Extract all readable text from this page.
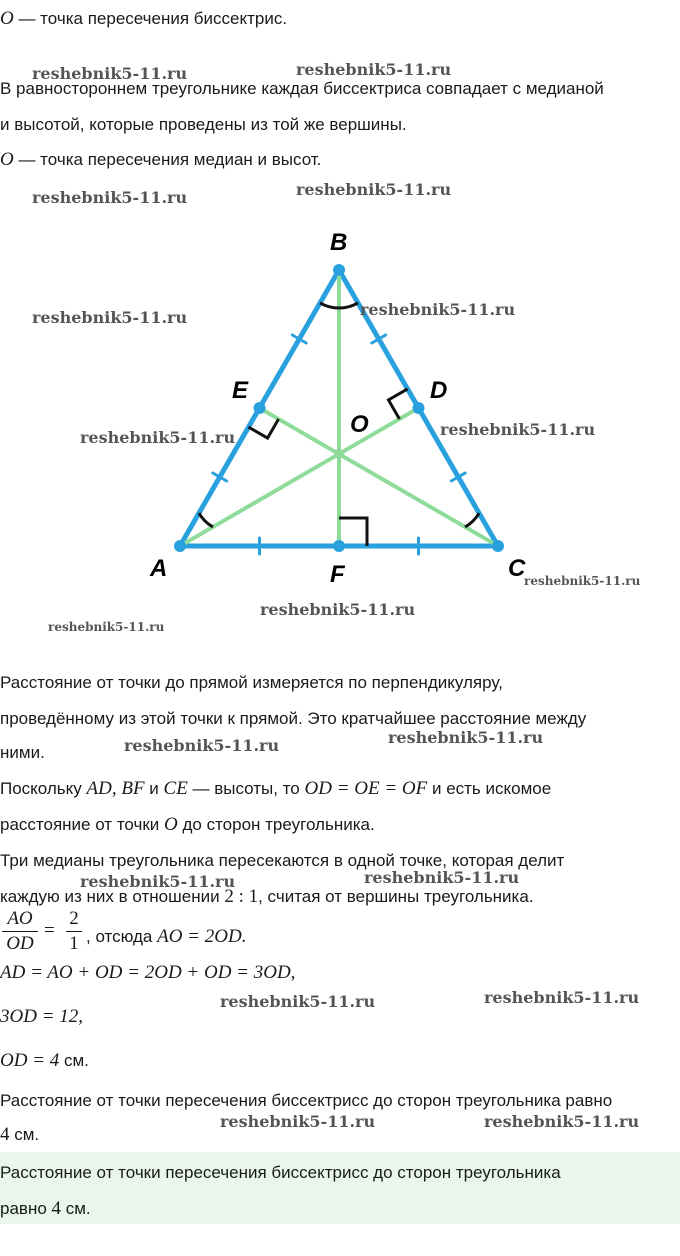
O — точка пересечения биссектрис.
В равностороннем треугольнике каждая биссектриса совпадает с медианой
и высотой, которые проведены из той же вершины.
O — точка пересечения медиан и высот.
B
E	D
O
A	F	C
Расстояние от точки до прямой измеряется по перпендикуляру,
проведённому из этой точки к прямой. Это кратчайшее расстояние между
ними.
Поскольку AD, BF и CE — высоты, то OD = OE = OF и есть искомое
расстояние от точки O до сторон треугольника.
Три медианы треугольника пересекаются в одной точке, которая делит
каждую из них в отношении 2 : 1, считая от вершины треугольника.
AO
OD
=
2
1 , отсюда AO = 2OD.
AD = AO + OD = 2OD + OD = 3OD,
3OD = 12,
OD = 4 см.
Расстояние от точки пересечения биссектрисс до сторон треугольника равно
4 см.
Расстояние от точки пересечения биссектрисс до сторон треугольника
равно 4 см.
reshebnik5-11.ru	reshebnik5-11.ru
reshebnik5-11.ru	reshebnik5-11.ru
reshebnik5-11.ru	reshebnik5-11.ru
reshebnik5-11.ru	reshebnik5-11.ru
reshebnik5-11.ru
reshebnik5-11.ru
reshebnik5-11.ru
reshebnik5-11.ru	reshebnik5-11.ru
reshebnik5-11.ru	reshebnik5-11.ru
reshebnik5-11.ru	reshebnik5-11.ru
reshebnik5-11.ru	reshebnik5-11.ru
